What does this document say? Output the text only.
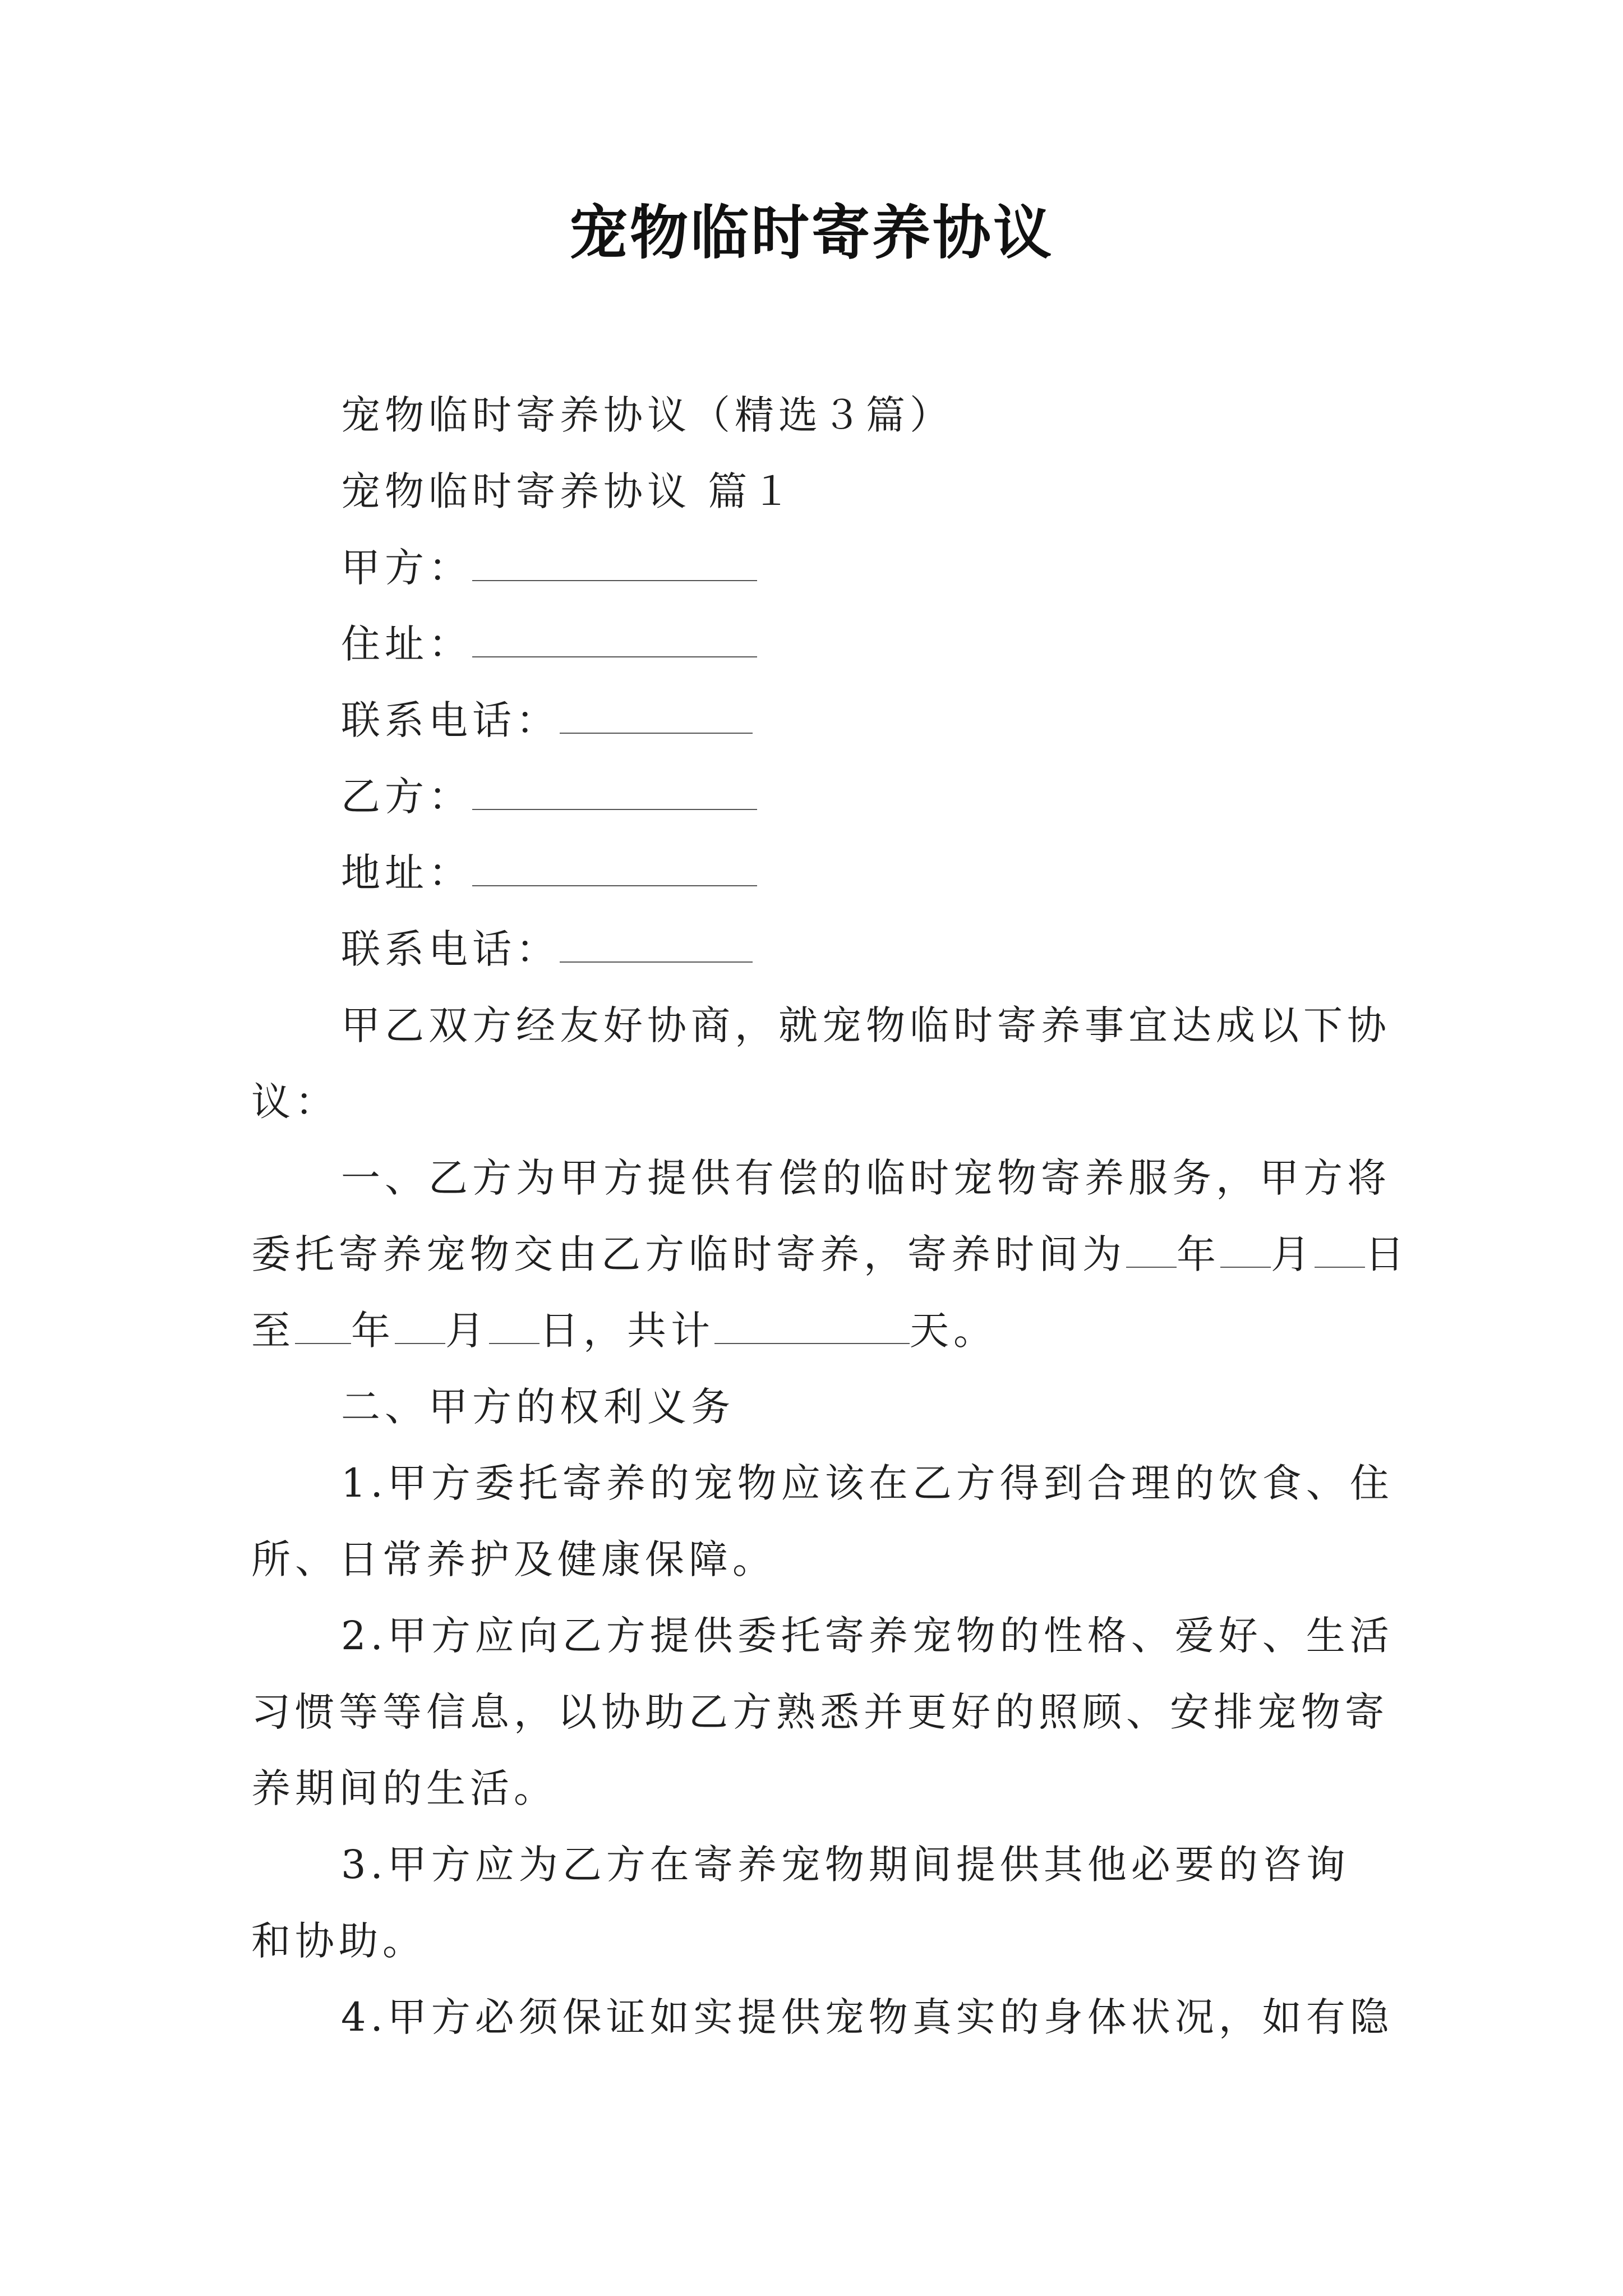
宠物临时寄养协议
宠物临时寄养协议（精选３篇）
宠物临时寄养协议 篇１
甲方：
住址：
联系电话：
乙方：
地址：
联系电话：
甲乙双方经友好协商，就宠物临时寄养事宜达成以下协
议：
一、乙方为甲方提供有偿的临时宠物寄养服务，甲方将
委托寄养宠物交由乙方临时寄养，寄养时间为 年 月 日
至 年 月 日，共计	天。
二、甲方的权利义务
1.甲方委托寄养的宠物应该在乙方得到合理的饮食、住
所、日常养护及健康保障。
2.甲方应向乙方提供委托寄养宠物的性格、爱好、生活
习惯等等信息，以协助乙方熟悉并更好的照顾、安排宠物寄
养期间的生活。
3.甲方应为乙方在寄养宠物期间提供其他必要的咨询
和协助。
4.甲方必须保证如实提供宠物真实的身体状况，如有隐
